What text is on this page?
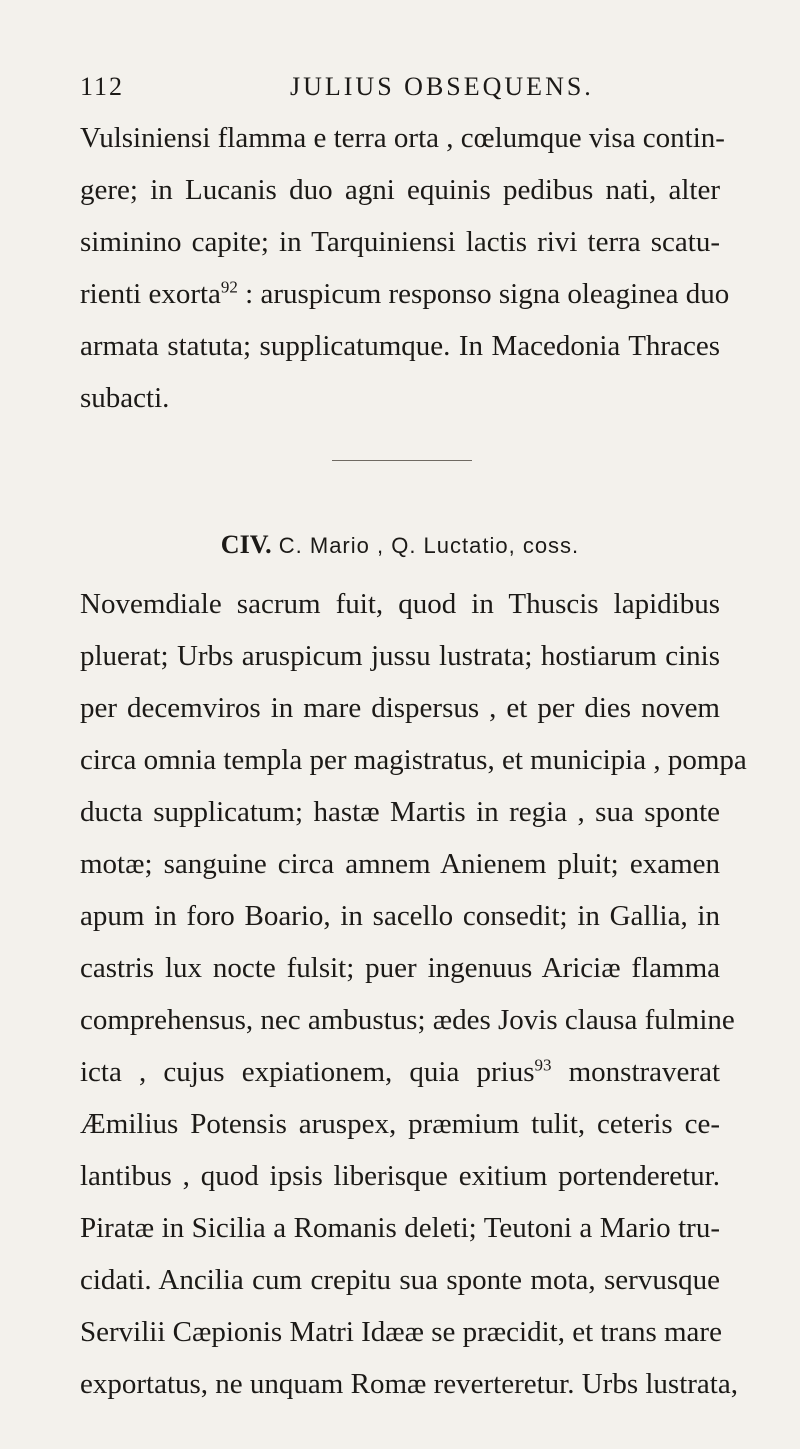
112	JULIUS OBSEQUENS.
Vulsiniensi flamma e terra orta , cœlumque visa contin-
gere; in Lucanis duo agni equinis pedibus nati, alter
siminino capite; in Tarquiniensi lactis rivi terra scatu-
rienti exorta$^{92}$ : aruspicum responso signa oleaginea duo
armata statuta; supplicatumque. In Macedonia Thraces
subacti.
CIV. C. Mario , Q. Luctatio, coss.
Novemdiale sacrum fuit, quod in Thuscis lapidibus
pluerat; Urbs aruspicum jussu lustrata; hostiarum cinis
per decemviros in mare dispersus , et per dies novem
circa omnia templa per magistratus, et municipia , pompa
ducta supplicatum; hastæ Martis in regia , sua sponte
motæ; sanguine circa amnem Anienem pluit; examen
apum in foro Boario, in sacello consedit; in Gallia, in
castris lux nocte fulsit; puer ingenuus Ariciæ flamma
comprehensus, nec ambustus; ædes Jovis clausa fulmine
icta , cujus expiationem, quia prius$^{93}$ monstraverat
Æmilius Potensis aruspex, præmium tulit, ceteris ce-
lantibus , quod ipsis liberisque exitium portenderetur.
Piratæ in Sicilia a Romanis deleti; Teutoni a Mario tru-
cidati. Ancilia cum crepitu sua sponte mota, servusque
Servilii Cæpionis Matri Idææ se præcidit, et trans mare
exportatus, ne unquam Romæ reverteretur. Urbs lustrata,
